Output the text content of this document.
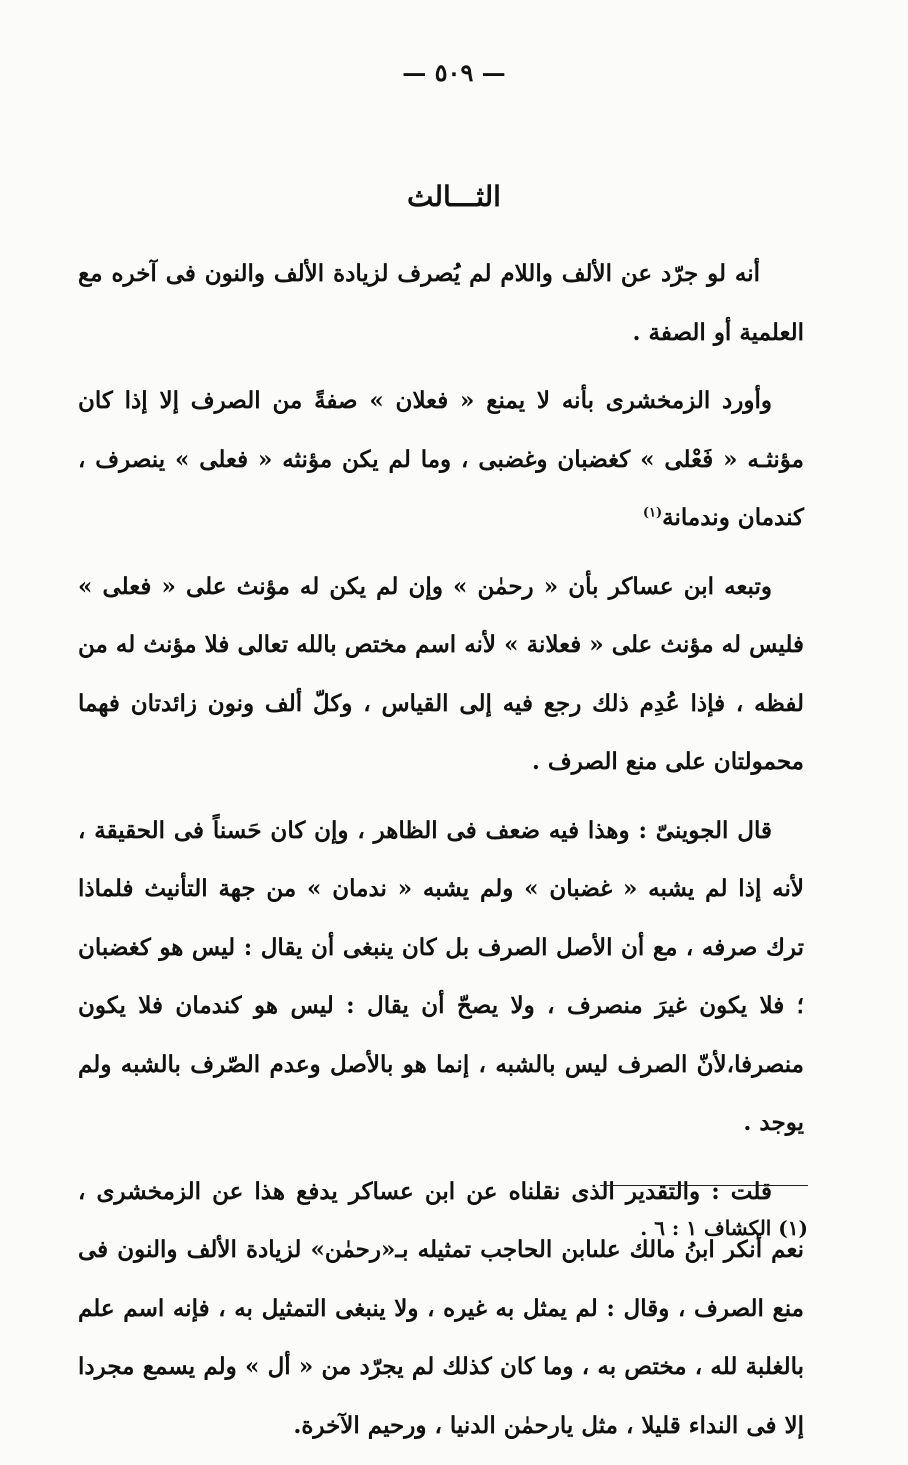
— ٥٠٩ —
الثـــالث

أنه لو جرّد عن الألف واللام لم يُصرف لزيادة الألف والنون فى آخره مع العلمية أو الصفة .

وأورد الزمخشرى بأنه لا يمنع « فعلان » صفةً من الصرف إلا إذا كان مؤنثـه « فَعْلى » كغضبان وغضبى ، وما لم يكن مؤنثه « فعلى » ينصرف ، كندمان وندمانة$^{(١)}$

وتبعه ابن عساكر بأن « رحمٰن » وإن لم يكن له مؤنث على « فعلى » فليس له مؤنث على « فعلانة » لأنه اسم مختص بالله تعالى فلا مؤنث له من لفظه ، فإذا عُدِم ذلك رجع فيه إلى القياس ، وكلّ ألف ونون زائدتان فهما محمولتان على منع الصرف .

قال الجوينىّ : وهذا فيه ضعف فى الظاهر ، وإن كان حَسناً فى الحقيقة ، لأنه إذا لم يشبه « غضبان » ولم يشبه « ندمان » من جهة التأنيث فلماذا ترك صرفه ، مع أن الأصل الصرف بل كان ينبغى أن يقال : ليس هو كغضبان ؛ فلا يكون غيرَ منصرف ، ولا يصحّ أن يقال : ليس هو كندمان فلا يكون منصرفا،لأنّ الصرف ليس بالشبه ، إنما هو بالأصل وعدم الصّرف بالشبه ولم يوجد .

قلت : والتقدير الذى نقلناه عن ابن عساكر يدفع هذا عن الزمخشرى ، نعم أنكر ابنُ مالك علىابن الحاجب تمثيله بـ«رحمٰن» لزيادة الألف والنون فى منع الصرف ، وقال : لم يمثل به غيره ، ولا ينبغى التمثيل به ، فإنه اسم علم بالغلبة لله ، مختص به ، وما كان كذلك لم يجرّد من « أل » ولم يسمع مجردا إلا فى النداء قليلا ، مثل يارحمٰن الدنيا ، ورحيم الآخرة.

(١) الكشاف ١ : ٦ .
